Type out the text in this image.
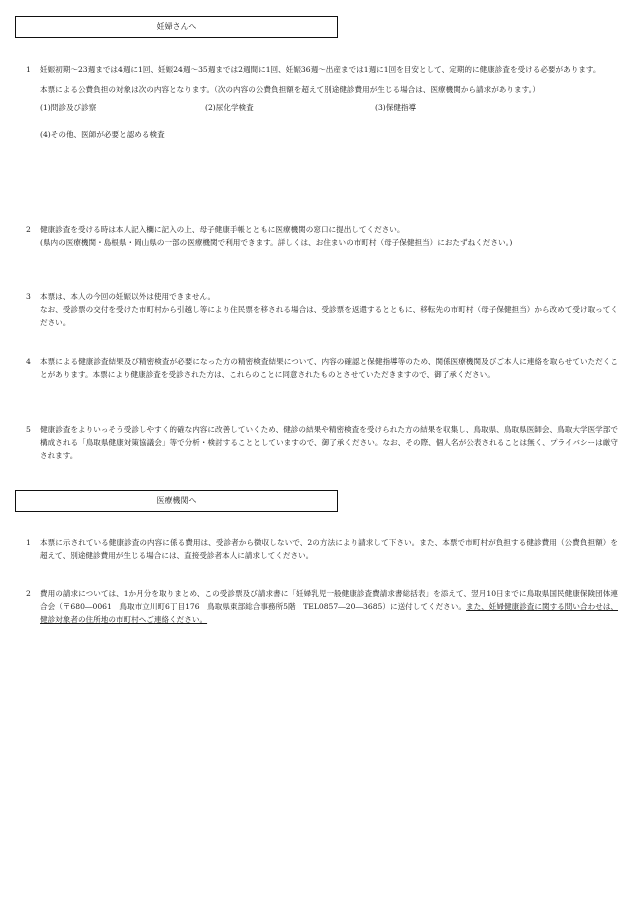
妊婦さんへ
1	妊娠初期～23週までは4週に1回、妊娠24週～35週までは2週間に1回、妊娠36週～出産までは1週に1回を目安として、定期的に健康診査を受ける必要があります。

本票による公費負担の対象は次の内容となります。（次の内容の公費負担額を超えて別途健診費用が生じる場合は、医療機関から請求があります。）

(1)問診及び診察	(2)尿化学検査	(3)保健指導
(4)その他、医師が必要と認める検査
2	健康診査を受ける時は本人記入欄に記入の上、母子健康手帳とともに医療機関の窓口に提出してください。

(県内の医療機関・島根県・岡山県の一部の医療機関で利用できます。詳しくは、お住まいの市町村（母子保健担当）におたずねください。)

3	本票は、本人の今回の妊娠以外は使用できません。

なお、受診票の交付を受けた市町村から引越し等により住民票を移される場合は、受診票を返還するとともに、移転先の市町村（母子保健担当）から改めて受け取ってください。

4	本票による健康診査結果及び精密検査が必要になった方の精密検査結果について、内容の確認と保健指導等のため、関係医療機関及びご本人に連絡を取らせていただくことがあります。本票により健康診査を受診された方は、これらのことに同意されたものとさせていただきますので、御了承ください。

5	健康診査をよりいっそう受診しやすく的確な内容に改善していくため、健診の結果や精密検査を受けられた方の結果を収集し、鳥取県、鳥取県医師会、鳥取大学医学部で構成される「鳥取県健康対策協議会」等で分析・検討することとしていますので、御了承ください。なお、その際、個人名が公表されることは無く、プライバシーは厳守されます。

医療機関へ
1	本票に示されている健康診査の内容に係る費用は、受診者から徴収しないで、2の方法により請求して下さい。また、本票で市町村が負担する健診費用（公費負担額）を超えて、別途健診費用が生じる場合には、直接受診者本人に請求してください。

2	費用の請求については、1か月分を取りまとめ、この受診票及び請求書に「妊婦乳児一般健康診査費請求書総括表」を添えて、翌月10日までに鳥取県国民健康保険団体連合会（〒680―0061　鳥取市立川町6丁目176　鳥取県東部総合事務所5階　TEL0857―20―3685）に送付してください。また、妊婦健康診査に関する問い合わせは、健診対象者の住所地の市町村へご連絡ください。
